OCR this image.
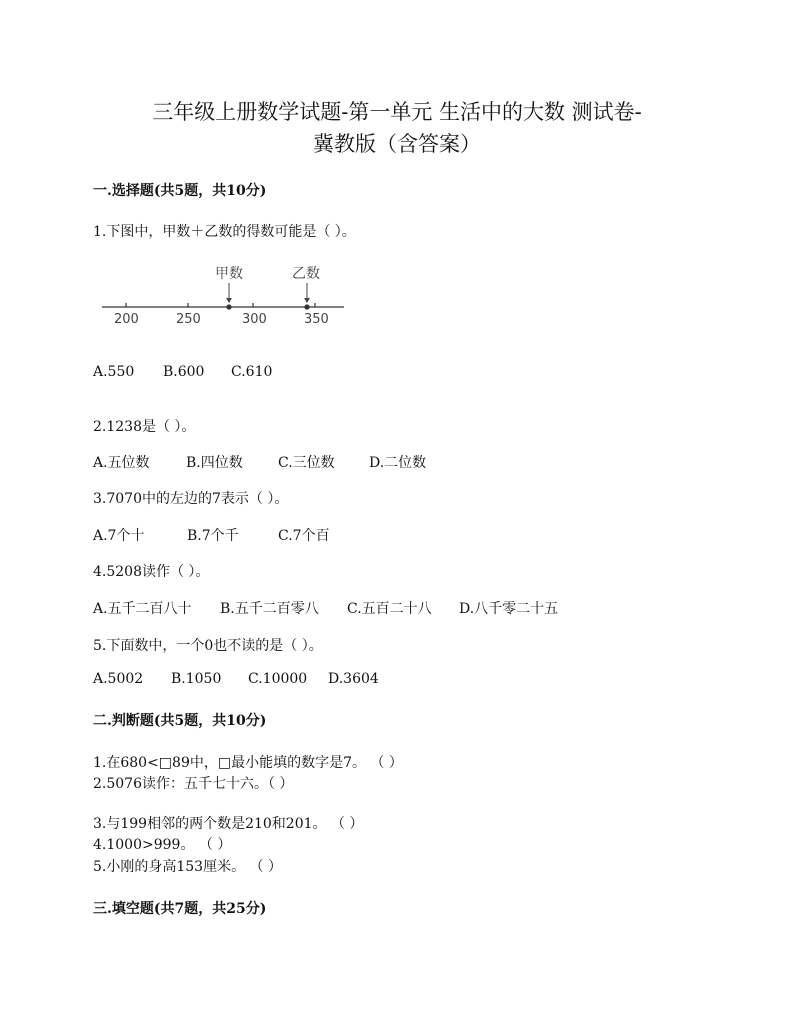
三年级上册数学试题-第一单元 生活中的大数 测试卷-
冀教版（含答案）
一.选择题(共5题，共10分)
1.下图中，甲数＋乙数的得数可能是（ ）。
甲数	乙数
200	250	300	350
A.550 B.600 C.610
2.1238是（ ）。
A.五位数	B.四位数	C.三位数 D.二位数
3.7070中的左边的7表示（ ）。
A.7个十	B.7个千	C.7个百
4.5208读作（ ）。
A.五千二百八十 B.五千二百零八 C.五百二十八 D.八千零二十五
5.下面数中，一个0也不读的是（ ）。
A.5002 B.1050 C.10000 D.3604
二.判断题(共5题，共10分)
1.在680<□89中，□最小能填的数字是7。 （ ）
2.5076读作：五千七十六。（ ）
3.与199相邻的两个数是210和201。 （ ）
4.1000>999。 （ ）
5.小刚的身高153厘米。 （ ）
三.填空题(共7题，共25分)
